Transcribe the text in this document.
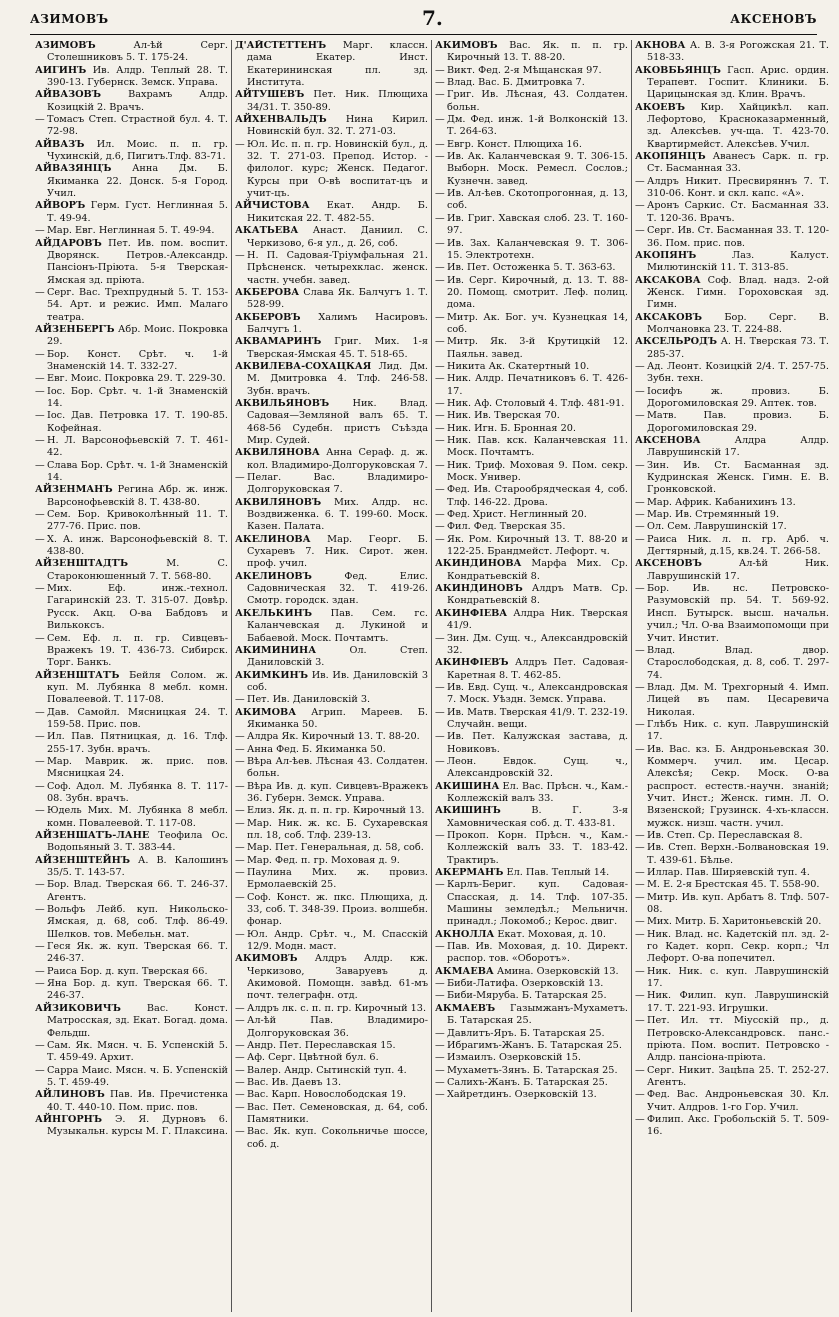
АЗИМОВЪ	7.	АКСЕНОВЪ

АЗИМОВЪ	Ал-ѣй Серг. Столешниковъ 5. Т. 175-24.

АИГИНЪ Ив. Алдр. Теплый 28. Т. 390-13. Губернск. Земск. Управа.

АЙВАЗОВЪ	Вахрамъ Алдр. Козицкій 2. Врачъ.

— Томасъ Степ. Страстной бул. 4. Т. 72-98.

АЙВАЗЪ Ил. Моис. п. п. гр. Чухинскій, д.6, Пигитъ.Тлф. 83-71.

АЙВАЗЯНЦЪ Анна Дм. Б. Якиманка 22. Донск. 5-я Город. Учил.

АЙВОРЪ Герм. Густ. Неглинная 5. Т. 49-94.

— Мар. Евг. Неглинная 5. Т. 49-94.

АЙДАРОВЪ Пет. Ив. пом. воспит. Дворянск. Петров.-Александр. Пансіонъ-Пріюта. 5-я Тверская-Ямская зд. пріюта.

— Серг. Вас. Трехпрудный 5. Т. 153-54. Арт. и режис. Имп. Малаго театра.

АЙЗЕНБЕРГЪ Абр. Моис. Покровка 29.

— Бор. Конст. Срѣт. ч. 1-й Знаменскій 14. Т. 332-27.

— Евг. Моис. Покровка 29. Т. 229-30.

— Іос. Бор. Срѣт. ч. 1-й Знаменскій 14.

— Іос. Дав. Петровка 17. Т. 190-85. Кофейная.

— Н. Л. Варсонофьевскій 7. Т. 461-42.

— Слава Бор. Срѣт. ч. 1-й Знаменскій 14.

АЙЗЕНМАНЪ Регина Абр. ж. инж. Варсонофьевскій 8. Т. 438-80.

— Сем. Бор. Кривоколѣнный 11. Т. 277-76. Прис. пов.

— Х. А. инж. Варсонофьевскій 8. Т. 438-80.

АЙЗЕНШТАДТЪ	М. С. Староконюшенный 7. Т. 568-80.

— Мих. Еф. инж.-технол. Гагаринскій 23. Т. 315-07. Довѣр. Русск. Акц. О-ва Бабдовъ и Вилькоксъ.

— Сем. Еф. л. п. гр. Сивцевъ-Вражекъ 19. Т. 436-73. Сибирск. Торг. Банкъ.

АЙЗЕНШТАТЪ Бейля Солом. ж. куп. М. Лубянка 8 мебл. комн. Повалеевой. Т. 117-08.

— Дав. Самойл. Мясницкая 24. Т. 159-58. Прис. пов.

— Ил. Пав. Пятницкая, д. 16. Тлф. 255-17. Зубн. врачъ.

— Мар. Маврик. ж. прис. пов. Мясницкая 24.

— Соф. Адол. М. Лубянка 8. Т. 117-08. Зубн. врачъ.

— Юдель Мих. М. Лубянка 8 мебл. комн. Повалеевой. Т. 117-08.

АЙЗЕНШАТЪ-ЛАНЕ Теофила Ос. Водопьяный 3. Т. 383-44.

АЙЗЕНШТЕЙНЪ А. В. Калошинъ 35/5. Т. 143-57.

— Бор. Влад. Тверская 66. Т. 246-37. Агентъ.

— Вольфъ Лейб. куп. Никольско-Ямская, д. 68, соб. Тлф. 86-49. Шелков. тов. Мебельн. мат.

— Геся Як. ж. куп. Тверская 66. Т. 246-37.

— Раиса Бор. д. куп. Тверская 66.

— Яна Бор. д. куп. Тверская 66. Т. 246-37.

АЙЗИКОВИЧЪ	Вас. Конст. Матросская, зд. Екат. Богад. дома. Фельдш.

— Сам. Як. Мясн. ч. Б. Успенскій 5. Т. 459-49. Архит.

— Сарра Маис. Мясн. ч. Б. Успенскій 5. Т. 459-49.

АЙЛИНОВЪ Пав. Ив. Пречистенка 40. Т. 440-10. Пом. прис. пов.

АЙНГОРНЪ Э. Я. Дурновъ 6. Музыкальн. курсы М. Г. Плаксина.

Д'АЙСТЕТТЕНЪ Марг. классн. дама Екатер. Инст. Екатерининская пл. зд. Института.

АЙТУШЕВЪ Пет. Ник. Плющиха 34/31. Т. 350-89.

АЙХЕНВАЛЬДЪ Нина Кирил. Новинскій бул. 32. Т. 271-03.

— Юл. Ис. п. п. гр. Новинскій бул., д. 32. Т. 271-03. Препод. Истор. - филолог. курс; Женск. Педагог. Курсы при О-вѣ воспитат-цъ и учит-цъ.

АЙЧИСТОВА Екат. Андр. Б. Никитская 22. Т. 482-55.

АКАТЬЕВА Анаст. Даниил. С. Черкизово, 6-я ул., д. 26, соб.

— Н. П. Садовая-Тріумфальная 21. Прѣсненск. четырехклас. женск. частн. учебн. завед.

АКБЕРОВА Слава Як. Балчугъ 1. Т. 528-99.

АКБЕРОВЪ Халимъ Насировъ. Балчугъ 1.

АКВАМАРИНЪ Григ. Мих. 1-я Тверская-Ямская 45. Т. 518-65.

АКВИЛЕВА-СОХАЦКАЯ Лид. Дм. М. Дмитровка 4. Тлф. 246-58. Зубн. врачъ.

АКВИЛЬЯНОВЪ Ник. Влад. Садовая—Земляной валъ 65. Т. 468-56 Судебн. пристъ Съѣзда Мир. Судей.

АКВИЛЯНОВА Анна Сераф. д. ж. кол. Владимиро-Долгоруковская 7.

— Пелаг. Вас. Владимиро-Долгоруковская 7.

АКВИЛЯНОВЪ Мих. Алдр. нс. Воздвиженка. 6. Т. 199-60. Моск. Казен. Палата.

АКЕЛИНОВА Мар. Георг. Б. Сухаревъ 7. Ник. Сирот. жен. проф. учил.

АКЕЛИНОВЪ	Фед. Елис. Садовническая 32. Т. 419-26. Смотр. городск. здан.

АКЕЛЬКИНЪ Пав. Сем. гс. Каланчевская д. Лукиной и Бабаевой. Моск. Почтамтъ.

АКИМИНИНА	Ол. Степ. Даниловскій 3.

АКИМКИНЪ Ив. Ив. Даниловскій 3 соб.

— Пет. Ив. Даниловскій 3.

АКИМОВА Агрип. Мареев. Б. Якиманка 50.

— Алдра Як. Кирочный 13. Т. 88-20.

— Анна Фед. Б. Якиманка 50.

— Вѣра Ал-ѣев. Лѣсная 43. Солдатен. больн.

— Вѣра Ив. д. куп. Сивцевъ-Вражекъ 36. Губерн. Земск. Управа.

— Елиз. Як. д. п. п. гр. Кирочный 13.

— Мар. Ник. ж. кс. Б. Сухаревская пл. 18, соб. Тлф. 239-13.

— Мар. Пет. Генеральная, д. 58, соб.

— Мар. Фед. п. гр. Моховая д. 9.

— Паулина Мих. ж. провиз. Ермолаевскій 25.

— Соф. Конст. ж. пкс. Плющиха, д. 33, соб. Т. 348-39. Произ. волшебн. фонар.

— Юл. Андр. Срѣт. ч., М. Спасскій 12/9. Модн. маст.

АКИМОВЪ Алдръ Алдр. кж. Черкизово, Заваруевъ д. Акимовой. Помощн. завѣд. 61-мъ почт. телеграфн. отд.

— Алдръ лк. с. п. п. гр. Кирочный 13.

— Ал-ѣй Пав. Владимиро-Долгоруковская 36.

— Андр. Пет. Переславская 15.

— Аф. Серг. Цвѣтной бул. 6.

— Валер. Андр. Сытинскій туп. 4.

— Вас. Ив. Даевъ 13.

— Вас. Карп. Новослободская 19.

— Вас. Пет. Семеновская, д. 64, соб. Памятники.

— Вас. Як. куп. Сокольничье шоссе, соб. д.

АКИМОВЪ Вас. Як. п. п. гр. Кирочный 13. Т. 88-20.

— Викт. Фед. 2-я Мѣщанская 97.

— Влад. Вас. Б. Дмитровка 7.

— Григ. Ив. Лѣсная, 43. Солдатен. больн.

— Дм. Фед. инж. 1-й Волконскій 13. Т. 264-63.

— Евгр. Конст. Плющиха 16.

— Ив. Ак. Каланчевская 9. Т. 306-15. Выборн. Моск. Ремесл. Сослов.; Кузнечн. завед.

— Ив. Ал-ѣев. Скотопрогонная, д. 13, соб.

— Ив. Григ. Хавская слоб. 23. Т. 160-97.

— Ив. Зах. Каланчевская 9. Т. 306-15. Электротехн.

— Ив. Пет. Остоженка 5. Т. 363-63.

— Ив. Серг. Кирочный, д. 13. Т. 88-20. Помощ. смотрит. Леф. полиц. дома.

— Митр. Ак. Бог. уч. Кузнецкая 14, соб.

— Митр. Як. 3-й Крутицкій 12. Паяльн. завед.

— Никита Ак. Скатертный 10.

— Ник. Алдр. Печатниковъ 6. Т. 426-17.

— Ник. Аф. Столовый 4. Тлф. 481-91.

— Ник. Ив. Тверская 70.

— Ник. Игн. Б. Бронная 20.

— Ник. Пав. кск. Каланчевская 11. Моск. Почтамтъ.

— Ник. Триф. Моховая 9. Пом. секр. Моск. Универ.

— Фед. Ив. Старообрядческая 4, соб. Тлф. 146-22. Дрова.

— Фед. Христ. Неглинный 20.

— Фил. Фед. Тверская 35.

— Як. Ром. Кирочный 13. Т. 88-20 и 122-25. Брандмейст. Лефорт. ч.

АКИНДИНОВА Марфа Мих. Ср. Кондратьевскій 8.

АКИНДИНОВЪ Алдръ Матв. Ср. Кондратьевскій 8.

АКИНФІЕВА Алдра Ник. Тверская 41/9.

— Зин. Дм. Сущ. ч., Александровскій 32.

АКИНФІЕВЪ Алдръ Пет. Садовая-Каретная 8. Т. 462-85.

— Ив. Евд. Сущ. ч., Александровская 7. Моск. Уѣздн. Земск. Управа.

— Ив. Матв. Тверская 41/9. Т. 232-19. Случайн. вещи.

— Ив. Пет. Калужская застава, д. Новиковъ.

— Леон. Евдок. Сущ. ч., Александровскій 32.

АКИШИНА Ел. Вас. Прѣсн. ч., Кам.-Коллежскій валъ 33.

АКИШИНЪ	В. Г. 3-я Хамовническая соб. д. Т. 433-81.

— Прокоп. Корн. Прѣсн. ч., Кам.-Коллежскій валъ 33. Т. 183-42. Трактиръ.

АКЕРМАНЪ Ел. Пав. Теплый 14.

— Карлъ-Бериг. куп. Садовая-Спасская, д. 14. Тлф. 107-35. Машины земледѣл.; Мельничн. принадл.; Локомоб.; Керос. двиг.

АКНОЛЛА Екат. Моховая, д. 10.

— Пав. Ив. Моховая, д. 10. Директ. распор. тов. «Оборотъ».

АКМАЕВА Амина. Озерковскій 13.

— Биби-Латифа. Озерковскій 13.

— Биби-Мяруба. Б. Татарская 25.

АКМАЕВЪ Газымжанъ-Мухаметъ. Б. Татарская 25.

— Давлитъ-Яръ. Б. Татарская 25.

— Ибрагимъ-Жанъ. Б. Татарская 25.

— Измаилъ. Озерковскій 15.

— Мухаметъ-Зянъ. Б. Татарская 25.

— Салихъ-Жанъ. Б. Татарская 25.

— Хайретдинъ. Озерковскій 13.

АКНОВА А. В. 3-я Рогожская 21. Т. 518-33.

АКОВБЬЯНЦЪ Гасп. Арис. ордин. Терапевт. Госпит. Клиники. Б. Царицынская зд. Клин. Врачъ.

АКОЕВЪ Кир. Хайцикѣл. кап. Лефортово, Красноказарменный, зд. Алексѣев. уч-ща. Т. 423-70. Квартирмейст. Алексѣев. Учил.

АКОПЯНЦЪ Аванесъ Сарк. п. гр. Ст. Басманная 33.

— Алдръ Никит. Пресвиряннъ 7. Т. 310-06. Конт. и скл. капс. «А».

— Аронъ Саркис. Ст. Басманная 33. Т. 120-36. Врачъ.

— Серг. Ив. Ст. Басманная 33. Т. 120-36. Пом. прис. пов.

АКОПЯНЪ	Лаз. Калуст. Милютинскій 11. Т. 313-85.

АКСАКОВА Соф. Влад. надз. 2-ой Женск. Гимн. Гороховская зд. Гимн.

АКСАКОВЪ Бор. Серг. В. Молчановка 23. Т. 224-88.

АКСЕЛЬРОДЪ А. Н. Тверская 73. Т. 285-37.

— Ад. Леонт. Козицкій 2/4. Т. 257-75. Зубн. техн.

— Іосифъ ж. провиз. Б. Дорогомиловская 29. Аптек. тов.

— Матв. Пав. провиз. Б. Дорогомиловская 29.

АКСЕНОВА	Алдра Алдр. Лаврушинскій 17.

— Зин. Ив. Ст. Басманная зд. Кудринская Женск. Гимн. Е. В. Гронковской.

— Мар. Африк. Кабанихинъ 13.

— Мар. Ив. Стремянный 19.

— Ол. Сем. Лаврушинскій 17.

— Раиса Ник. л. п. гр. Арб. ч. Дегтярный, д.15, кв.24. Т. 266-58.

АКСЕНОВЪ	Ал-ѣй Ник. Лаврушинскій 17.

— Бор. Ив. нс. Петровско-Разумовскій пр. 54. Т. 569-92. Инсп. Бутырск. высш. начальн. учил.; Чл. О-ва Взаимопомощи при Учит. Инстит.

— Влад. Влад. двор. Старослободская, д. 8, соб. Т. 297-74.

— Влад. Дм. М. Трехгорный 4. Имп. Лицей въ пам. Цесаревича Николая.

— Глѣбъ Ник. с. куп. Лаврушинскій 17.

— Ив. Вас. кз. Б. Андроньевская 30. Коммерч. учил. им. Цесар. Алексѣя; Секр. Моск. О-ва распрост. естеств.-научн. знаній; Учит. Инст.; Женск. гимн. Л. О. Вязенской; Грузинск. 4-хъ-классн. мужск. низш. частн. учил.

— Ив. Степ. Ср. Переславская 8.

— Ив. Степ. Верхн.-Болвановская 19. Т. 439-61. Бѣлье.

— Иллар. Пав. Ширяевскій туп. 4.

— М. Е. 2-я Брестская 45. Т. 558-90.

— Митр. Ив. куп. Арбатъ 8. Тлф. 507-08.

— Мих. Митр. Б. Харитоньевскій 20.

— Ник. Влад. нс. Кадетскій пл. зд. 2-го Кадет. корп. Секр. корп.; Чл Лефорт. О-ва попечител.

— Ник. Ник. с. куп. Лаврушинскій 17.

— Ник. Филип. куп. Лаврушинскій 17. Т. 221-93. Игрушки.

— Пет. Ил. тт. Міусскій пр., д. Петровско-Александровск. панс.-пріюта. Пом. воспит. Петровско - Алдр. пансіона-пріюта.

— Серг. Никит. Зацѣпа 25. Т. 252-27. Агентъ.

— Фед. Вас. Андроньевская 30. Кл. Учит. Алдров. 1-го Гор. Учил.

— Филип. Акс. Гробольскій 5. Т. 509-16.
